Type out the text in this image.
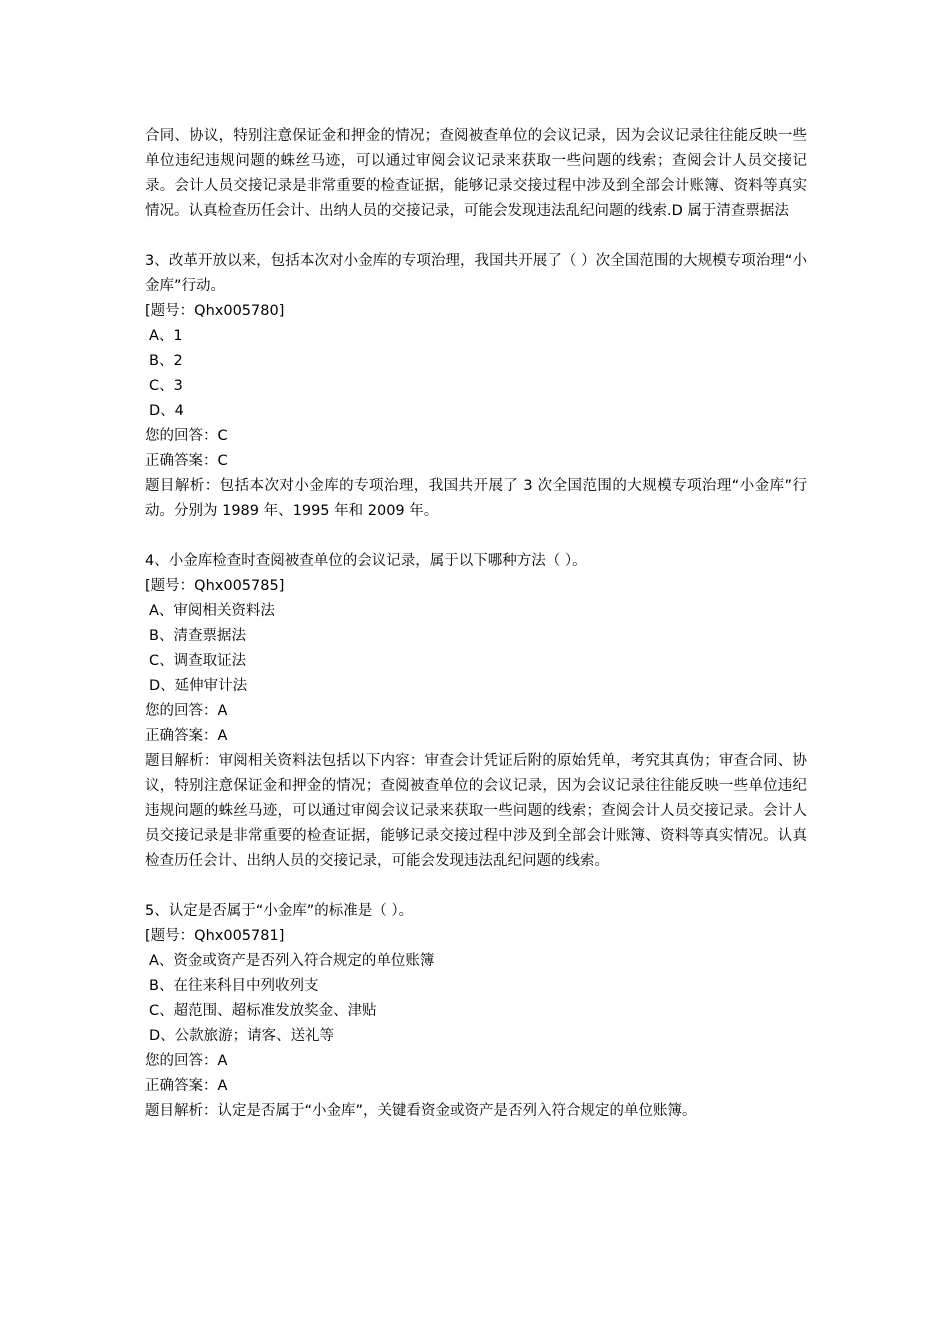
合同、协议，特别注意保证金和押金的情况；查阅被查单位的会议记录，因为会议记录往往能反映一些单位违纪违规问题的蛛丝马迹，可以通过审阅会议记录来获取一些问题的线索；查阅会计人员交接记录。会计人员交接记录是非常重要的检查证据，能够记录交接过程中涉及到全部会计账簿、资料等真实情况。认真检查历任会计、出纳人员的交接记录，可能会发现违法乱纪问题的线索.D 属于清查票据法

3、改革开放以来，包括本次对小金库的专项治理，我国共开展了（ ）次全国范围的大规模专项治理“小金库”行动。

[题号：Qhx005780]
A、1
B、2
C、3
D、4
您的回答：C
正确答案：C

题目解析：包括本次对小金库的专项治理，我国共开展了 3 次全国范围的大规模专项治理“小金库”行动。分别为 1989 年、1995 年和 2009 年。

4、小金库检查时查阅被查单位的会议记录，属于以下哪种方法（ ）。

[题号：Qhx005785]
A、审阅相关资料法
B、清查票据法
C、调查取证法
D、延伸审计法
您的回答：A
正确答案：A

题目解析：审阅相关资料法包括以下内容：审查会计凭证后附的原始凭单，考究其真伪；审查合同、协议，特别注意保证金和押金的情况；查阅被查单位的会议记录，因为会议记录往往能反映一些单位违纪违规问题的蛛丝马迹，可以通过审阅会议记录来获取一些问题的线索；查阅会计人员交接记录。会计人员交接记录是非常重要的检查证据，能够记录交接过程中涉及到全部会计账簿、资料等真实情况。认真检查历任会计、出纳人员的交接记录，可能会发现违法乱纪问题的线索。

5、认定是否属于“小金库”的标准是（ ）。

[题号：Qhx005781]
A、资金或资产是否列入符合规定的单位账簿
B、在往来科目中列收列支
C、超范围、超标准发放奖金、津贴
D、公款旅游；请客、送礼等
您的回答：A
正确答案：A

题目解析：认定是否属于“小金库”，关键看资金或资产是否列入符合规定的单位账簿。
